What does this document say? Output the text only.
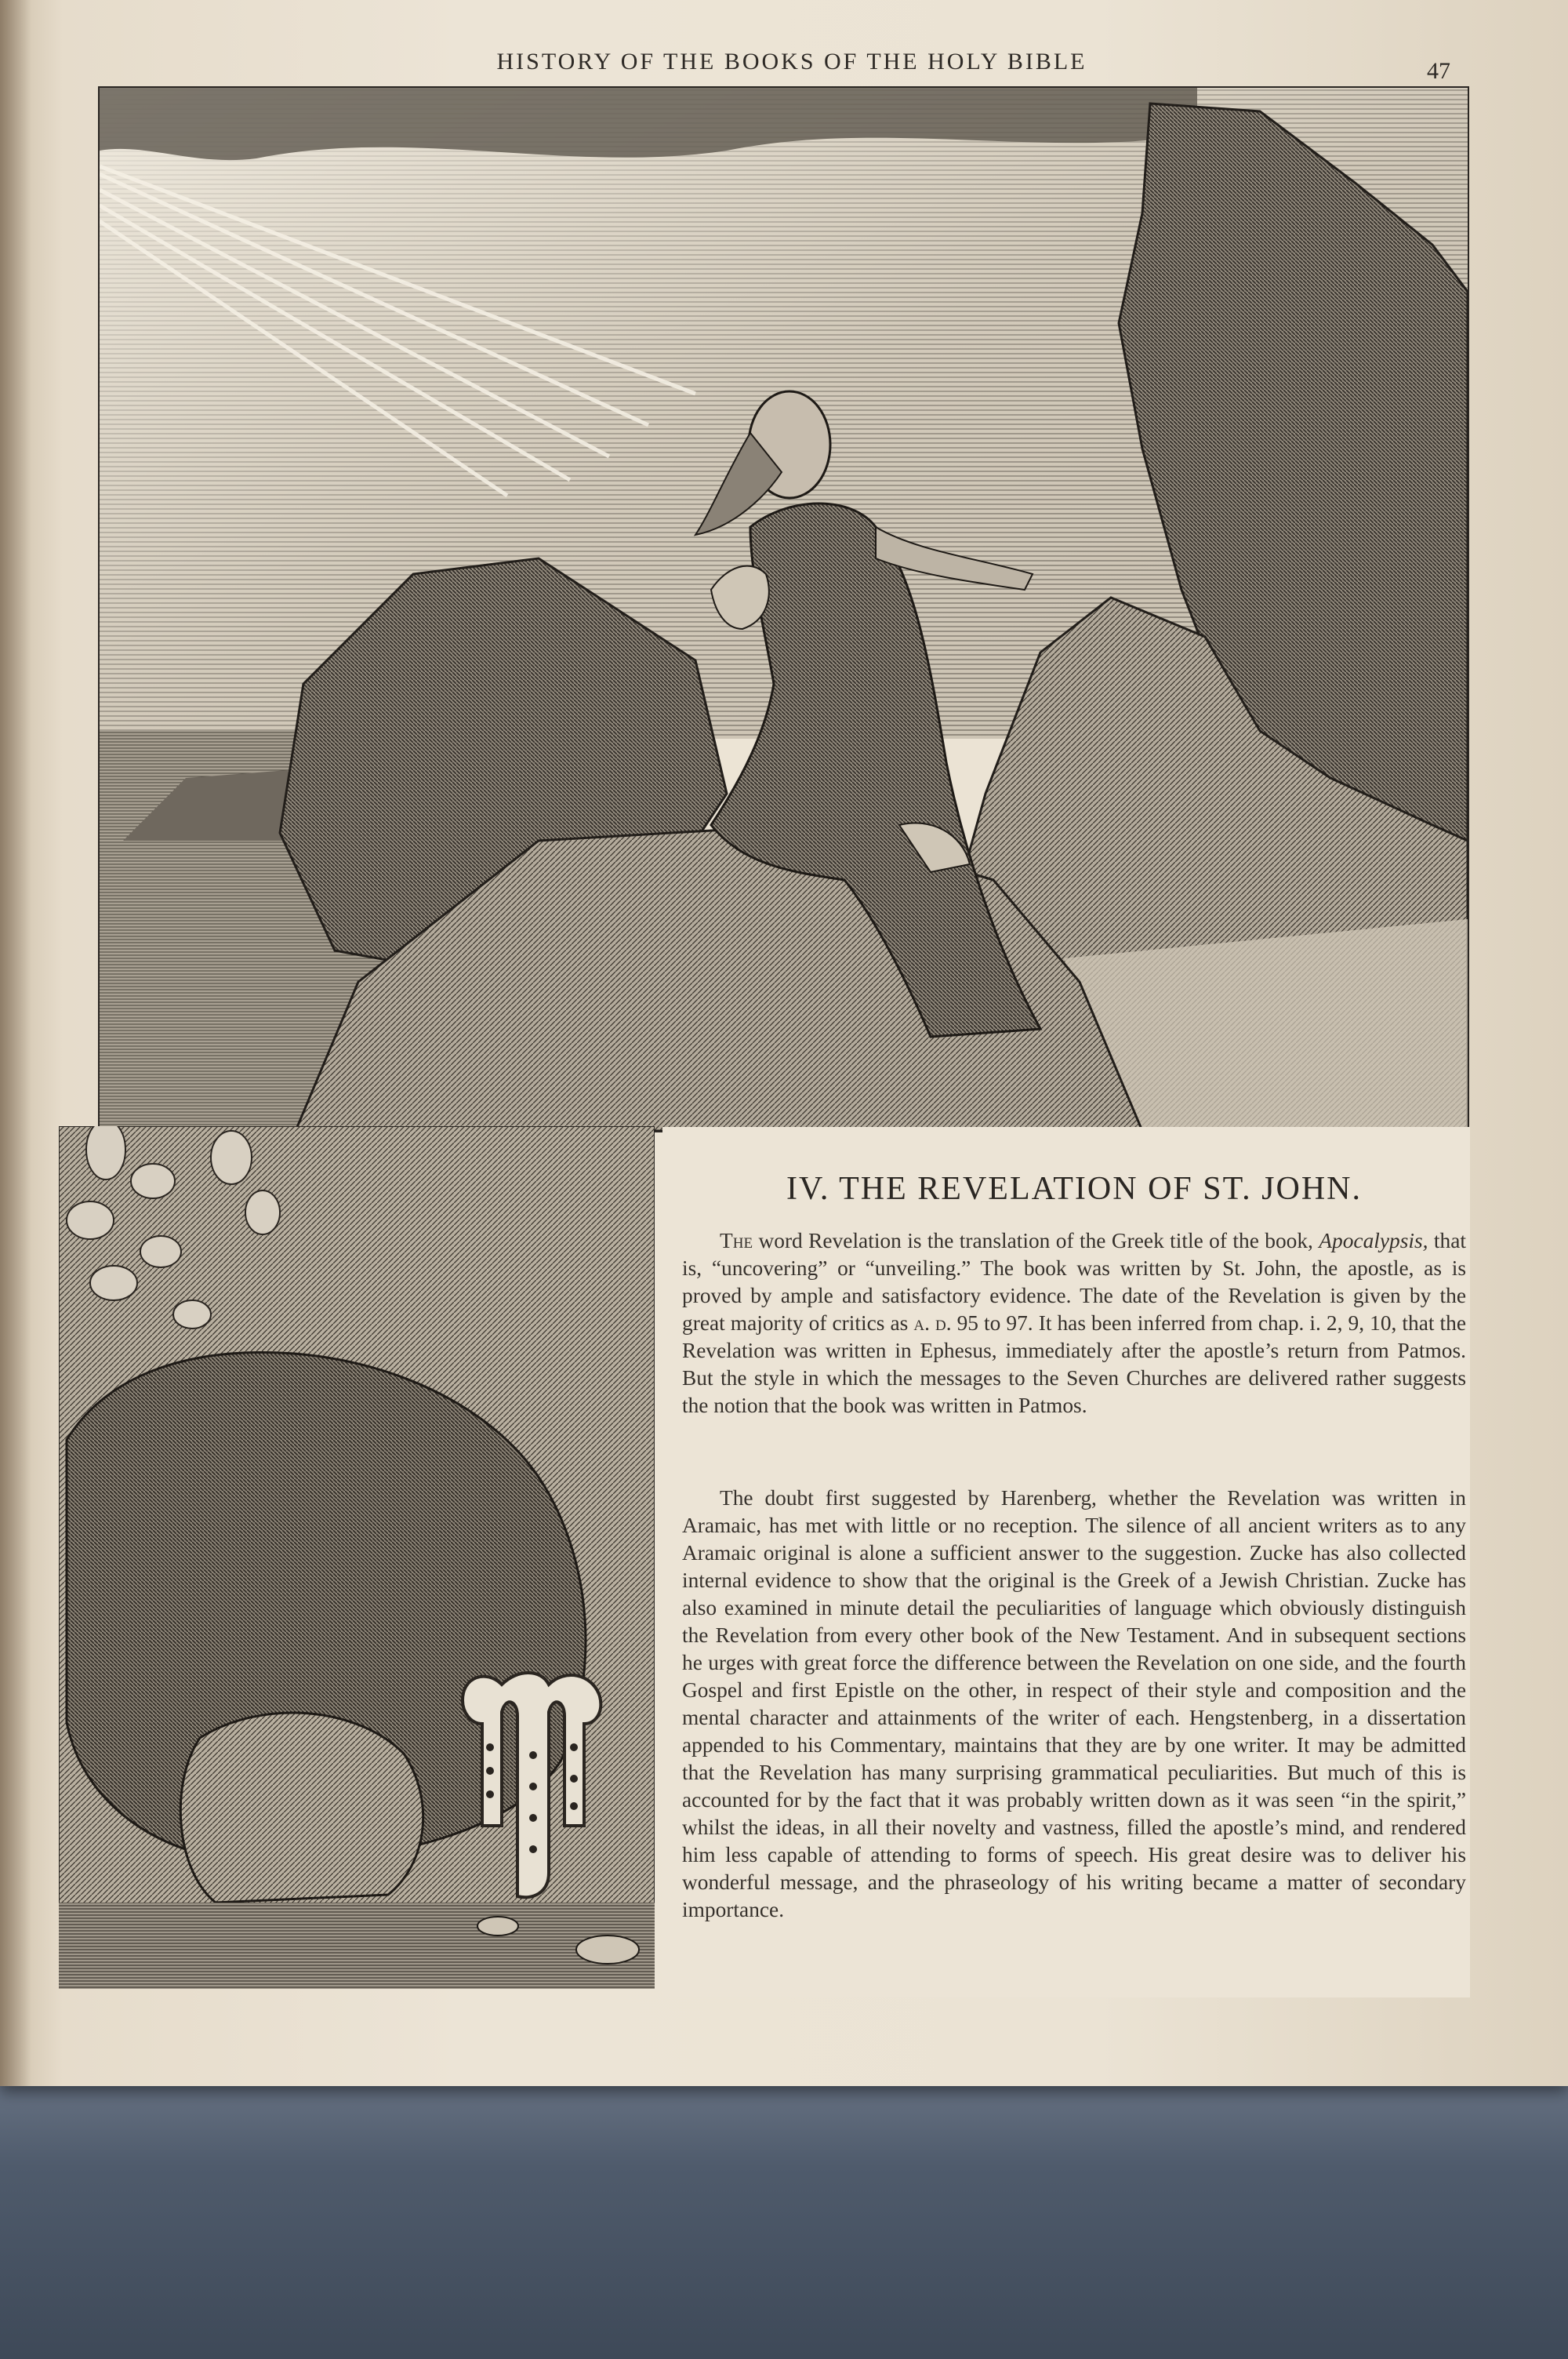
HISTORY OF THE BOOKS OF THE HOLY BIBLE	47
IV. THE REVELATION OF ST. JOHN.

The word Revelation is the translation of the Greek title of the book, Apocalypsis, that is, “uncovering” or “unveiling.” The book was written by St. John, the apostle, as is proved by ample and satisfactory evidence. The date of the Revelation is given by the great majority of critics as a. d. 95 to 97. It has been inferred from chap. i. 2, 9, 10, that the Revelation was written in Ephesus, immediately after the apostle’s return from Patmos. But the style in which the messages to the Seven Churches are delivered rather suggests the notion that the book was written in Patmos.

The doubt first suggested by Harenberg, whether the Revelation was written in Aramaic, has met with little or no reception. The silence of all ancient writers as to any Aramaic original is alone a sufficient answer to the suggestion. Zucke has also collected internal evidence to show that the original is the Greek of a Jewish Christian. Zucke has also examined in minute detail the peculiarities of language which obviously distinguish the Revelation from every other book of the New Testament. And in subsequent sections he urges with great force the difference between the Revelation on one side, and the fourth Gospel and first Epistle on the other, in respect of their style and composition and the mental character and attainments of the writer of each. Hengstenberg, in a dissertation appended to his Commentary, maintains that they are by one writer. It may be admitted that the Revelation has many surprising grammatical peculiarities. But much of this is accounted for by the fact that it was probably written down as it was seen “in the spirit,” whilst the ideas, in all their novelty and vastness, filled the apostle’s mind, and rendered him less capable of attending to forms of speech. His great desire was to deliver his wonderful message, and the phraseology of his writing became a matter of secondary importance.
